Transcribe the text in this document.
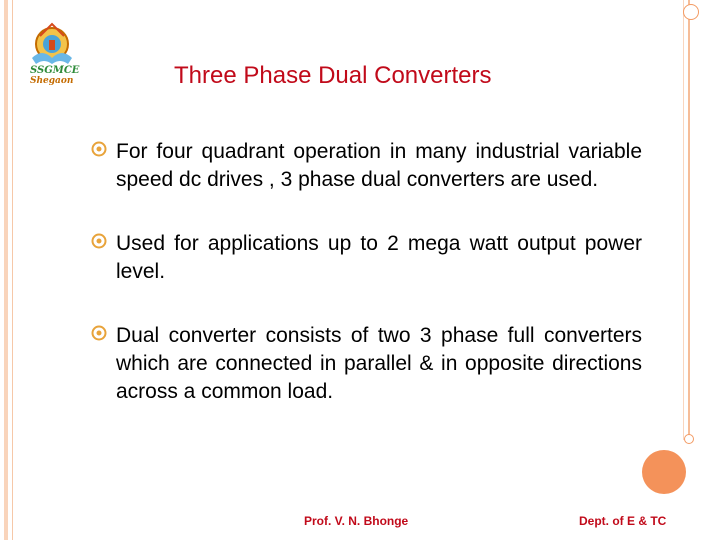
SSGMCE
Shegaon	Three Phase Dual Converters
For four quadrant operation in many industrial variable speed dc drives , 3 phase dual converters are used.
Used for applications up to 2 mega watt output power level.
Dual converter consists of two 3 phase full converters which are connected in parallel & in opposite directions across a common load.
Prof. V. N. Bhonge	Dept. of E & TC
